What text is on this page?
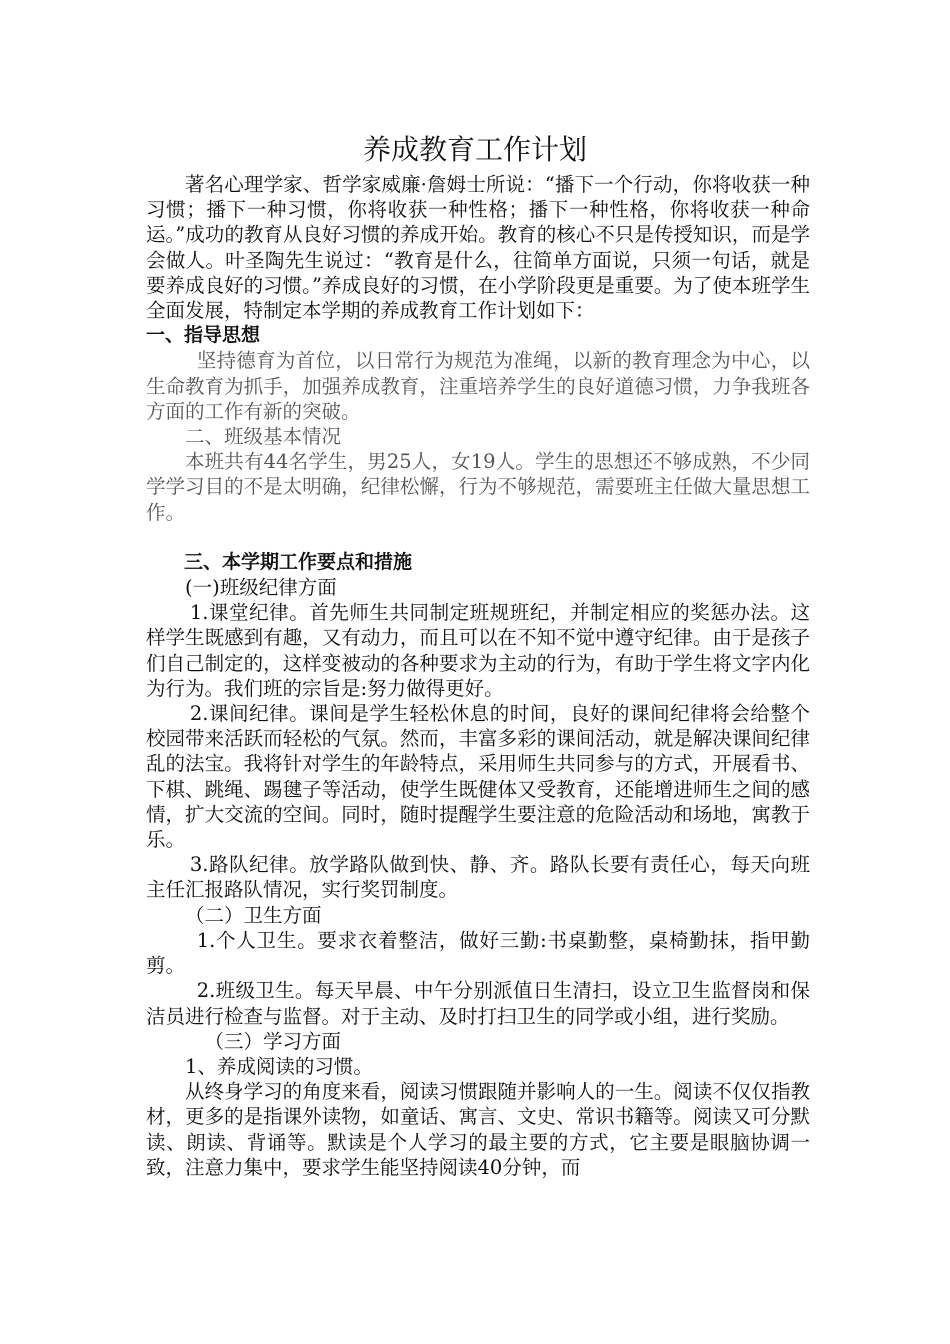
养成教育工作计划

著名心理学家、哲学家威廉·詹姆士所说：“播下一个行动，你将收获一种习惯；播下一种习惯，你将收获一种性格；播下一种性格，你将收获一种命运。”成功的教育从良好习惯的养成开始。教育的核心不只是传授知识，而是学会做人。叶圣陶先生说过：“教育是什么，往简单方面说，只须一句话，就是要养成良好的习惯。”养成良好的习惯，在小学阶段更是重要。为了使本班学生全面发展，特制定本学期的养成教育工作计划如下：

一、指导思想

坚持德育为首位，以日常行为规范为准绳，以新的教育理念为中心，以生命教育为抓手，加强养成教育，注重培养学生的良好道德习惯，力争我班各方面的工作有新的突破。

二、班级基本情况

本班共有44名学生，男25人，女19人。学生的思想还不够成熟，不少同学学习目的不是太明确，纪律松懈，行为不够规范，需要班主任做大量思想工作。

三、本学期工作要点和措施

(一)班级纪律方面

1.课堂纪律。首先师生共同制定班规班纪，并制定相应的奖惩办法。这样学生既感到有趣，又有动力，而且可以在不知不觉中遵守纪律。由于是孩子们自己制定的，这样变被动的各种要求为主动的行为，有助于学生将文字内化为行为。我们班的宗旨是:努力做得更好。

2.课间纪律。课间是学生轻松休息的时间，良好的课间纪律将会给整个校园带来活跃而轻松的气氛。然而，丰富多彩的课间活动，就是解决课间纪律乱的法宝。我将针对学生的年龄特点，采用师生共同参与的方式，开展看书、下棋、跳绳、踢毽子等活动，使学生既健体又受教育，还能增进师生之间的感情，扩大交流的空间。同时，随时提醒学生要注意的危险活动和场地，寓教于乐。

3.路队纪律。放学路队做到快、静、齐。路队长要有责任心，每天向班主任汇报路队情况，实行奖罚制度。

（二）卫生方面

1.个人卫生。要求衣着整洁，做好三勤:书桌勤整，桌椅勤抹，指甲勤剪。

2.班级卫生。每天早晨、中午分别派值日生清扫，设立卫生监督岗和保洁员进行检查与监督。对于主动、及时打扫卫生的同学或小组，进行奖励。

（三）学习方面

1、养成阅读的习惯。

从终身学习的角度来看，阅读习惯跟随并影响人的一生。阅读不仅仅指教材，更多的是指课外读物，如童话、寓言、文史、常识书籍等。阅读又可分默读、朗读、背诵等。默读是个人学习的最主要的方式，它主要是眼脑协调一致，注意力集中，要求学生能坚持阅读40分钟，而
